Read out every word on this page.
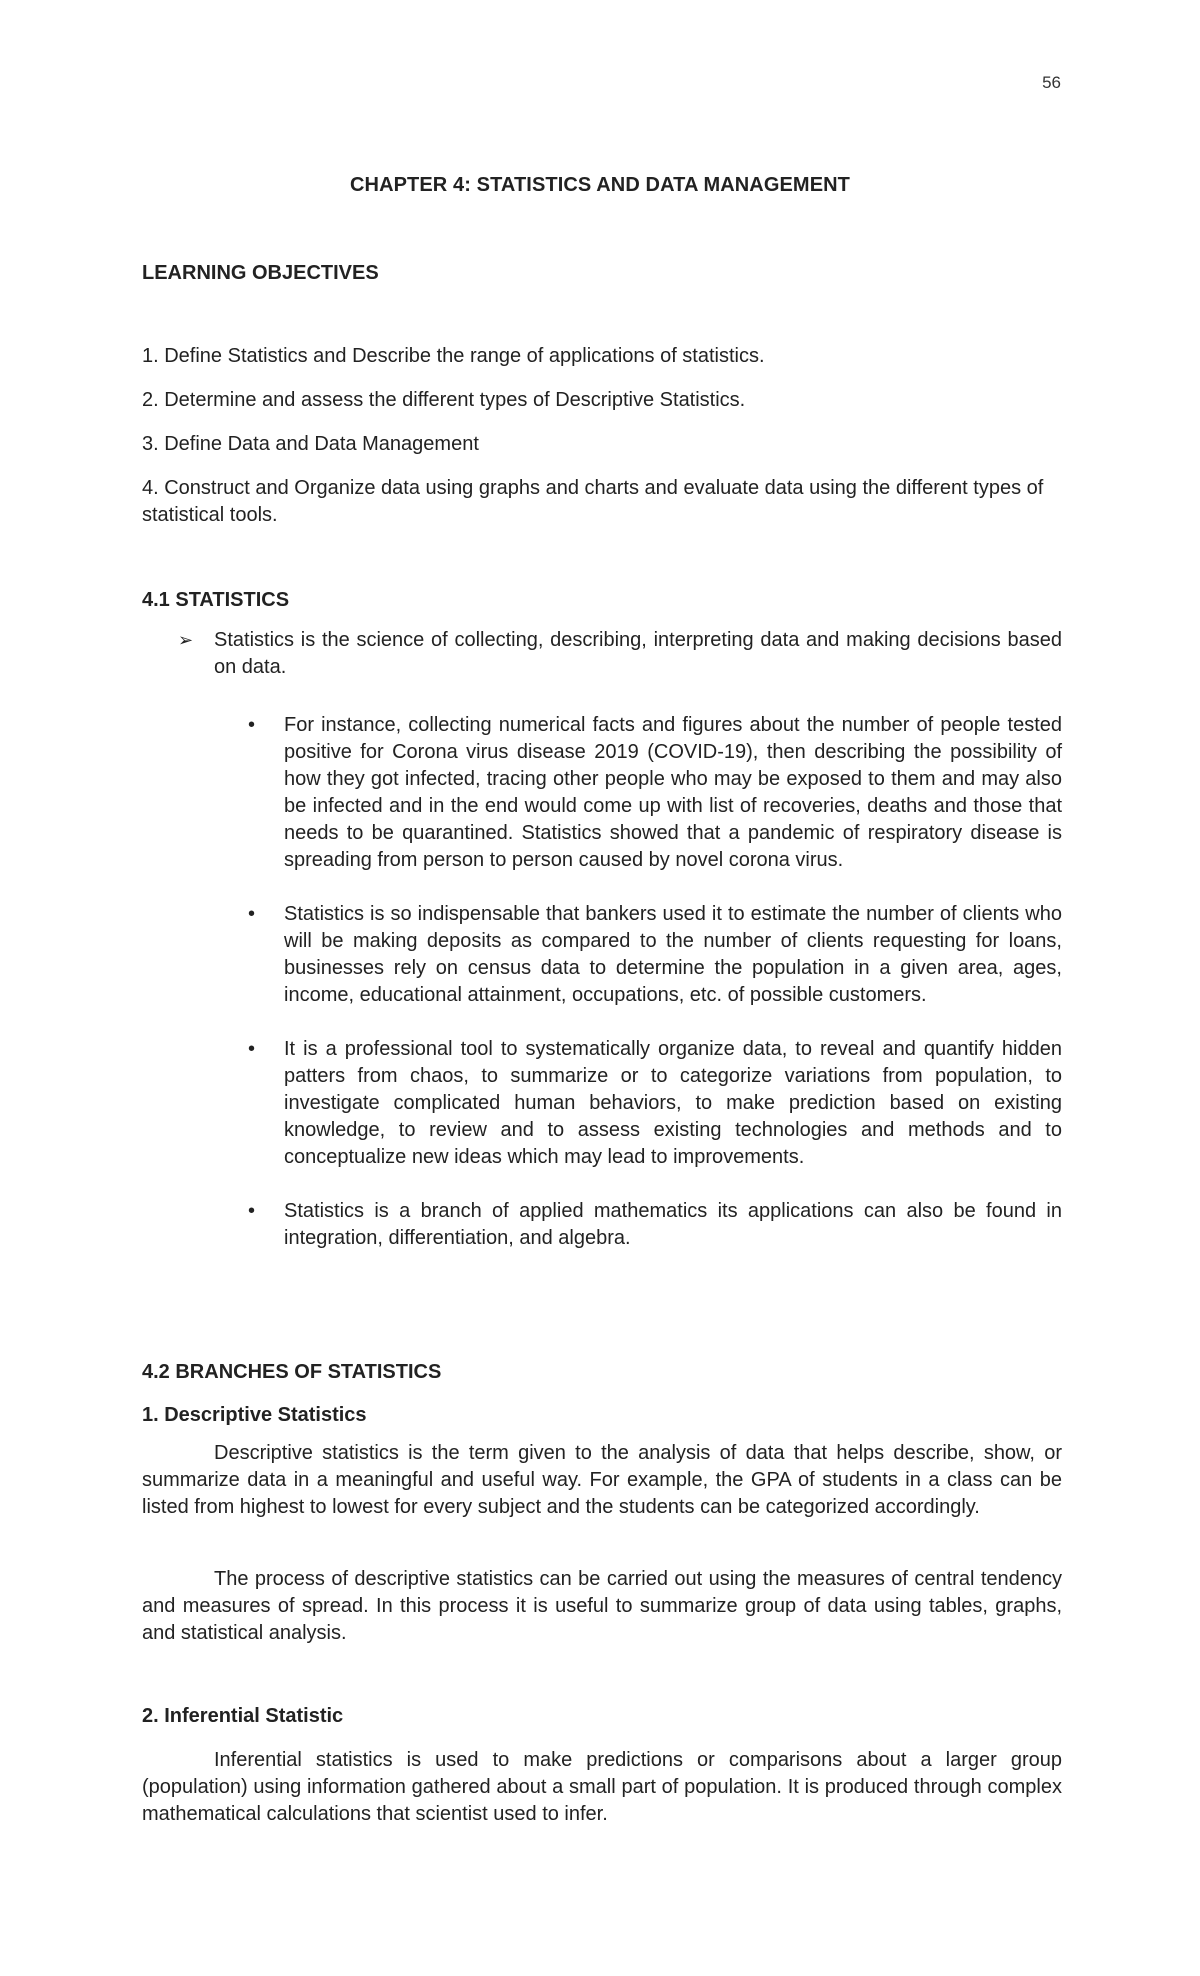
56
CHAPTER 4: STATISTICS AND DATA MANAGEMENT
LEARNING OBJECTIVES
1. Define Statistics and Describe the range of applications of statistics.
2. Determine and assess the different types of Descriptive Statistics.
3. Define Data and Data Management
4. Construct and Organize data using graphs and charts and evaluate data using the different types of statistical tools.
4.1 STATISTICS
➢	Statistics is the science of collecting, describing, interpreting data and making decisions based on data.
•	For instance, collecting numerical facts and figures about the number of people tested positive for Corona virus disease 2019 (COVID-19), then describing the possibility of how they got infected, tracing other people who may be exposed to them and may also be infected and in the end would come up with list of recoveries, deaths and those that needs to be quarantined. Statistics showed that a pandemic of respiratory disease is spreading from person to person caused by novel corona virus.
•	Statistics is so indispensable that bankers used it to estimate the number of clients who will be making deposits as compared to the number of clients requesting for loans, businesses rely on census data to determine the population in a given area, ages, income, educational attainment, occupations, etc. of possible customers.
•	It is a professional tool to systematically organize data, to reveal and quantify hidden patters from chaos, to summarize or to categorize variations from population, to investigate complicated human behaviors, to make prediction based on existing knowledge, to review and to assess existing technologies and methods and to conceptualize new ideas which may lead to improvements.
•	Statistics is a branch of applied mathematics its applications can also be found in integration, differentiation, and algebra.
4.2 BRANCHES OF STATISTICS
1. Descriptive Statistics
Descriptive statistics is the term given to the analysis of data that helps describe, show, or summarize data in a meaningful and useful way. For example, the GPA of students in a class can be listed from highest to lowest for every subject and the students can be categorized accordingly.
The process of descriptive statistics can be carried out using the measures of central tendency and measures of spread. In this process it is useful to summarize group of data using tables, graphs, and statistical analysis.
2. Inferential Statistic
Inferential statistics is used to make predictions or comparisons about a larger group (population) using information gathered about a small part of population. It is produced through complex mathematical calculations that scientist used to infer.
